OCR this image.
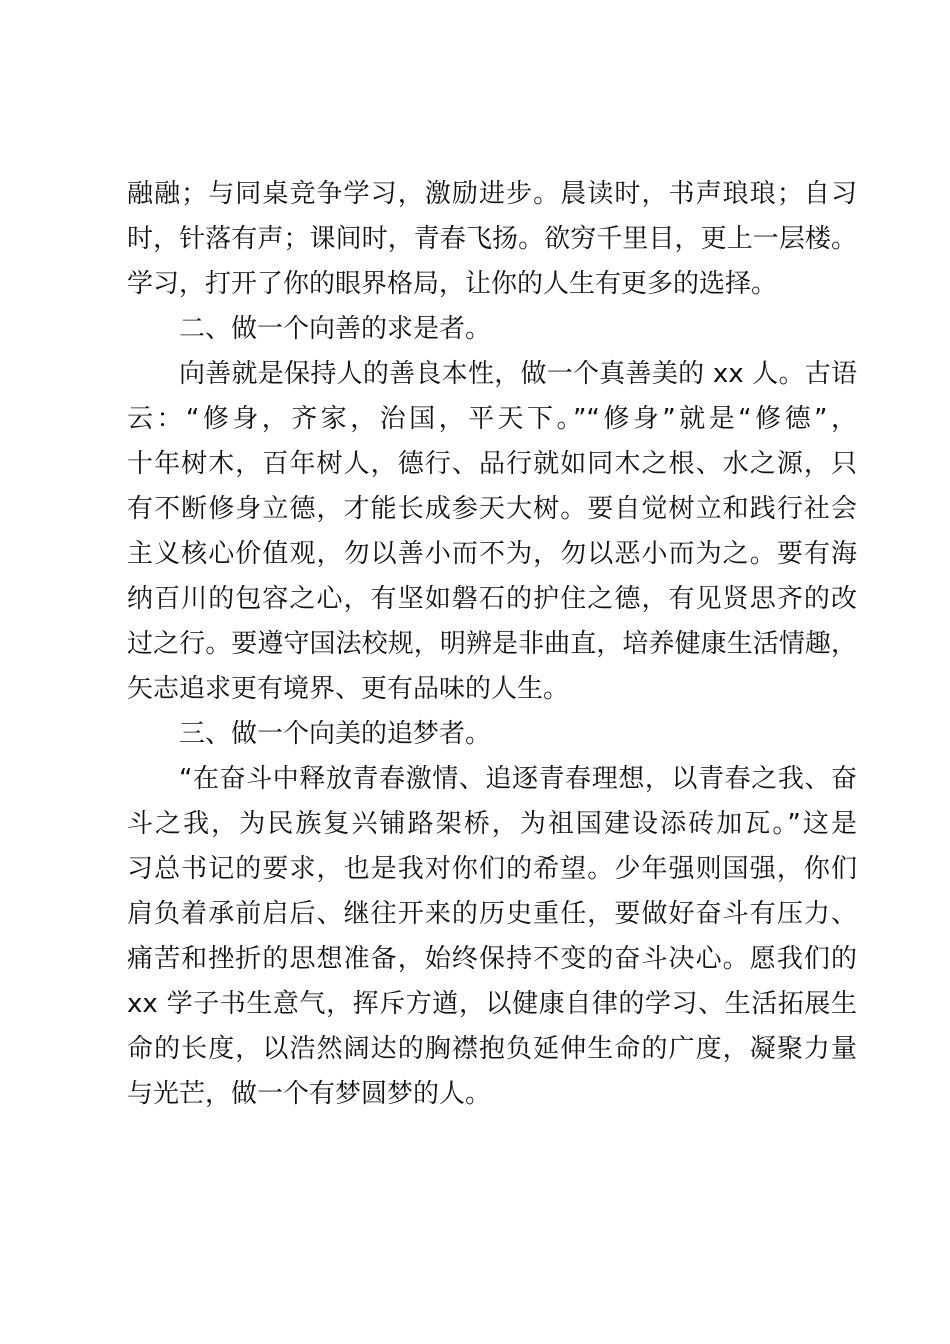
融融；与同桌竞争学习，激励进步。晨读时，书声琅琅；自习
时，针落有声；课间时，青春飞扬。欲穷千里目，更上一层楼。
学习，打开了你的眼界格局，让你的人生有更多的选择。
二、做一个向善的求是者。
向善就是保持人的善良本性，做一个真善美的 xx 人。古语
云：“修身，齐家，治国，平天下。”“修身”就是“修德”，
十年树木，百年树人，德行、品行就如同木之根、水之源，只
有不断修身立德，才能长成参天大树。要自觉树立和践行社会
主义核心价值观，勿以善小而不为，勿以恶小而为之。要有海
纳百川的包容之心，有坚如磐石的护住之德，有见贤思齐的改
过之行。要遵守国法校规，明辨是非曲直，培养健康生活情趣，
矢志追求更有境界、更有品味的人生。
三、做一个向美的追梦者。
“在奋斗中释放青春激情、追逐青春理想，以青春之我、奋
斗之我，为民族复兴铺路架桥，为祖国建设添砖加瓦。”这是
习总书记的要求，也是我对你们的希望。少年强则国强，你们
肩负着承前启后、继往开来的历史重任，要做好奋斗有压力、
痛苦和挫折的思想准备，始终保持不变的奋斗决心。愿我们的
xx 学子书生意气，挥斥方遒，以健康自律的学习、生活拓展生
命的长度，以浩然阔达的胸襟抱负延伸生命的广度，凝聚力量
与光芒，做一个有梦圆梦的人。
